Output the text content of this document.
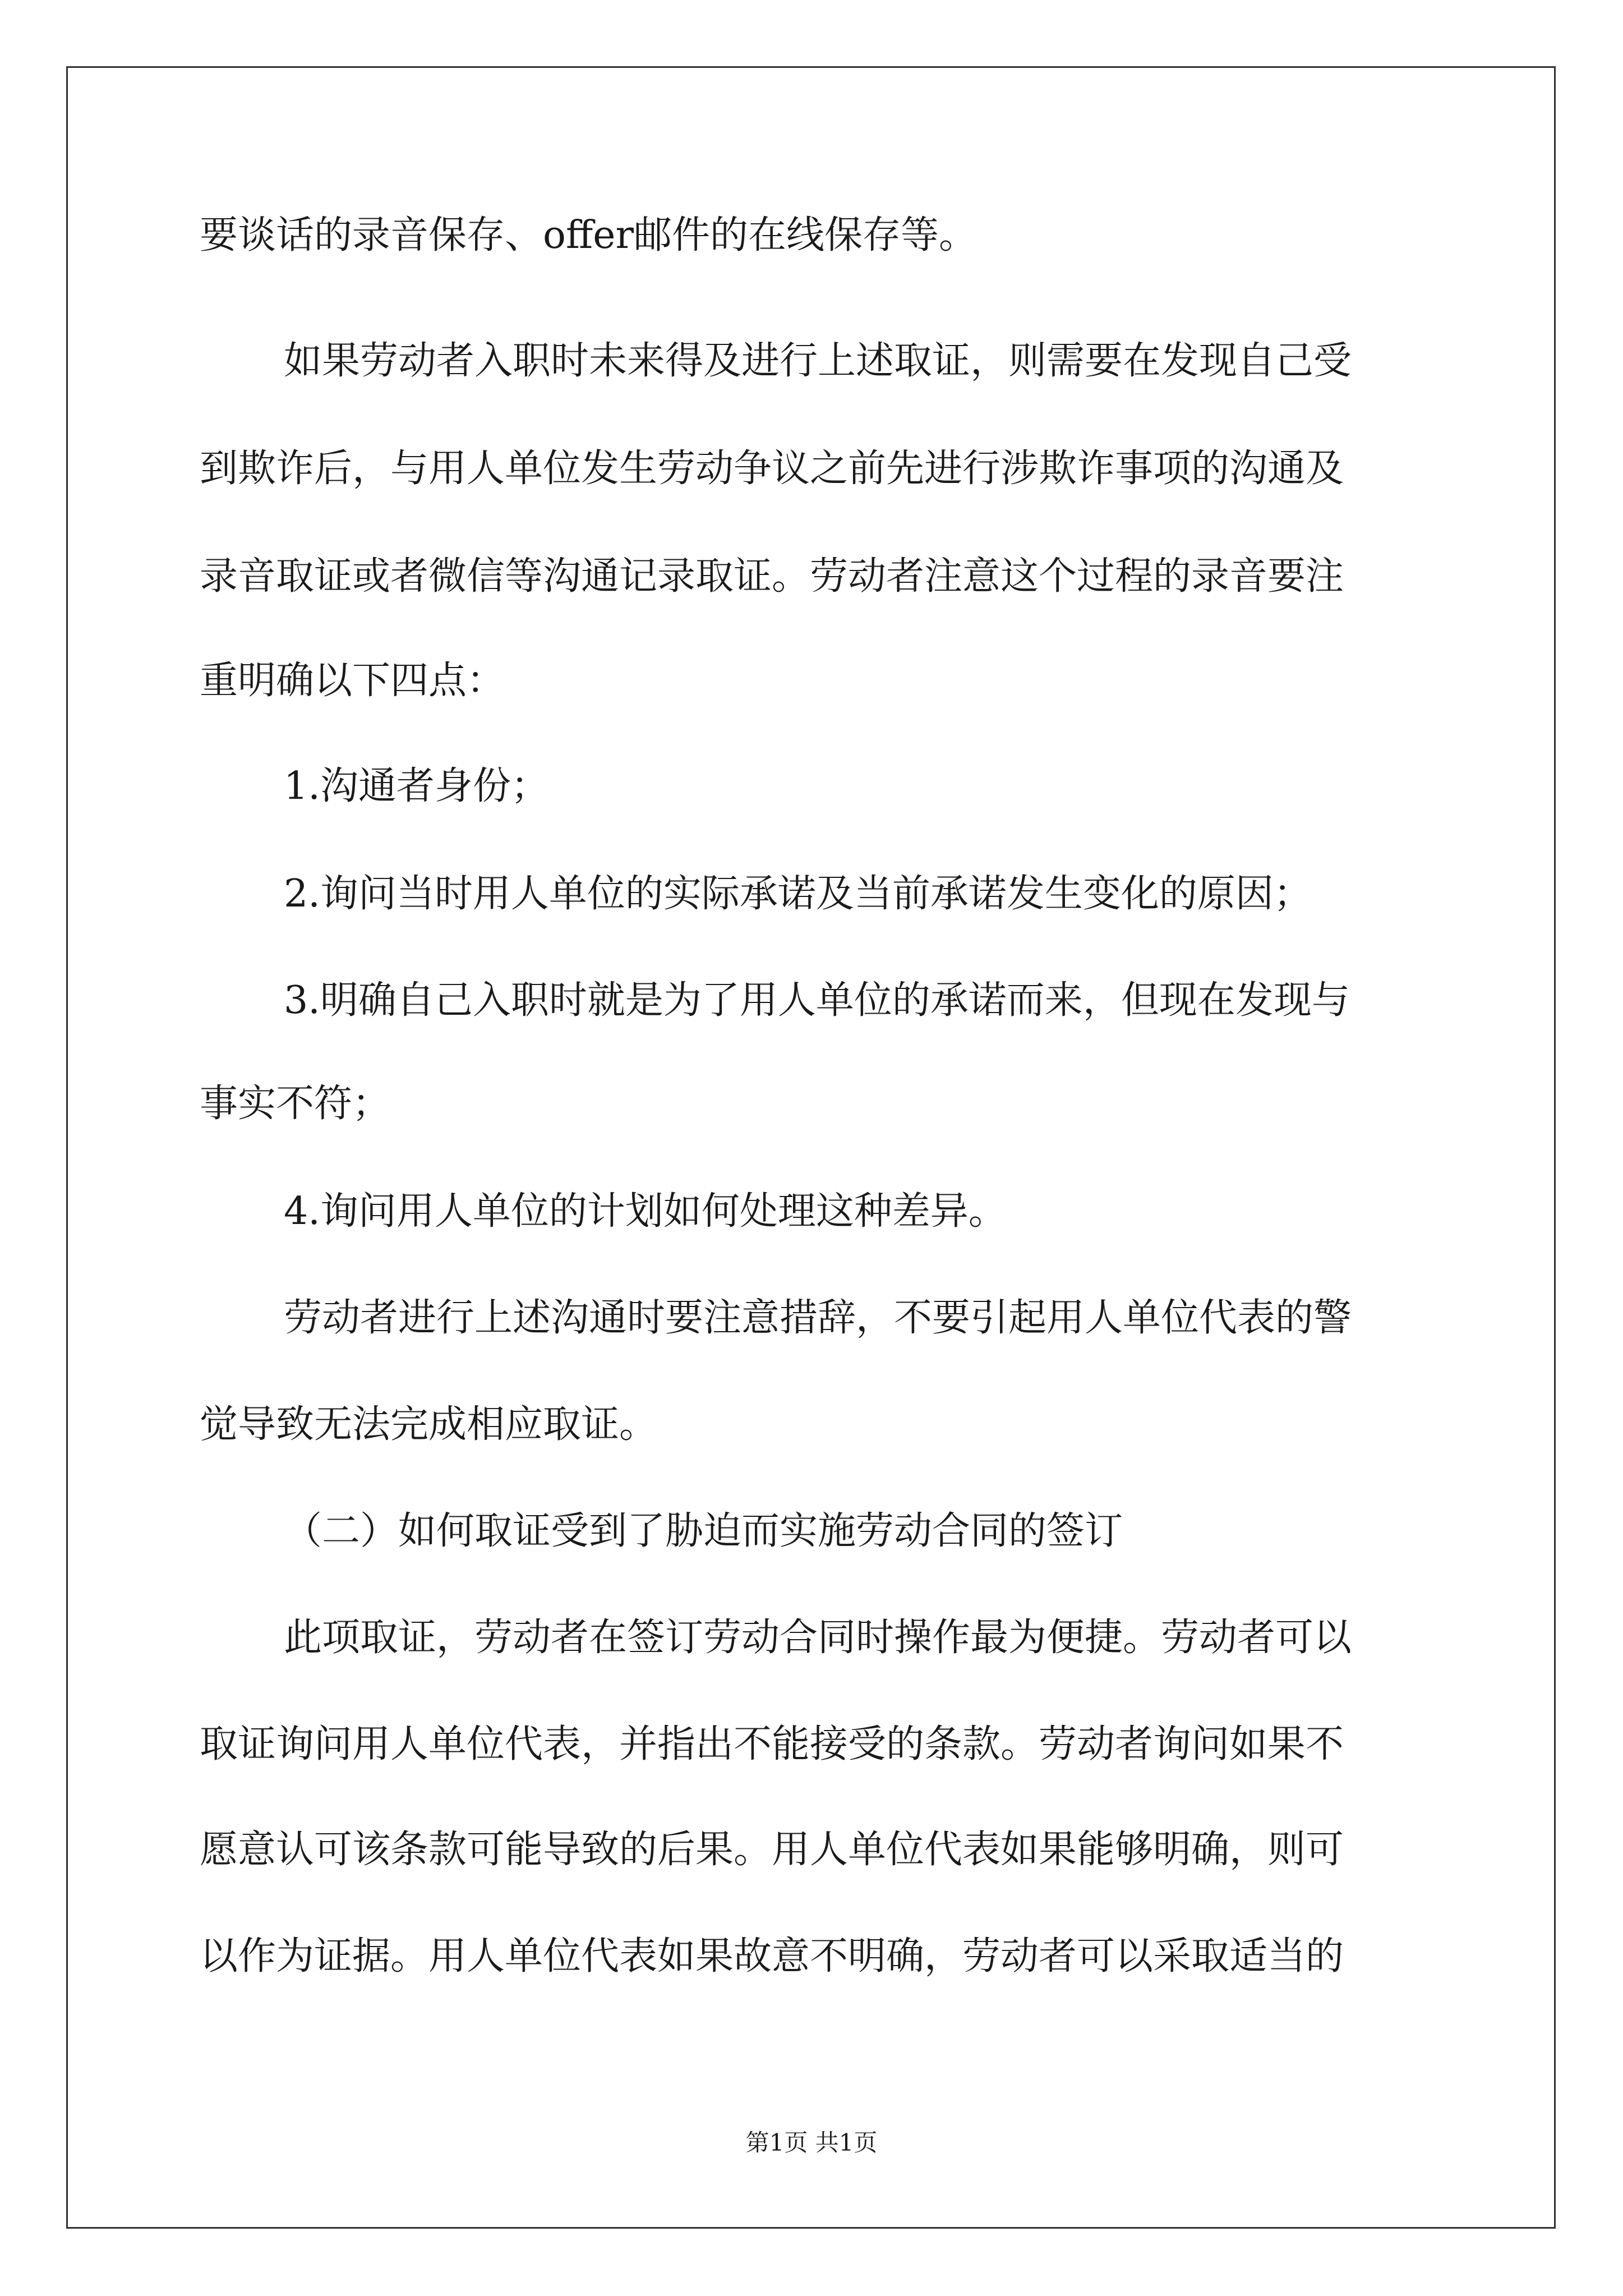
要谈话的录音保存、offer邮件的在线保存等。

如果劳动者入职时未来得及进行上述取证，则需要在发现自己受

到欺诈后，与用人单位发生劳动争议之前先进行涉欺诈事项的沟通及

录音取证或者微信等沟通记录取证。劳动者注意这个过程的录音要注

重明确以下四点：

1.沟通者身份；

2.询问当时用人单位的实际承诺及当前承诺发生变化的原因；

3.明确自己入职时就是为了用人单位的承诺而来，但现在发现与

事实不符；

4.询问用人单位的计划如何处理这种差异。

劳动者进行上述沟通时要注意措辞，不要引起用人单位代表的警

觉导致无法完成相应取证。

（二）如何取证受到了胁迫而实施劳动合同的签订

此项取证，劳动者在签订劳动合同时操作最为便捷。劳动者可以

取证询问用人单位代表，并指出不能接受的条款。劳动者询问如果不

愿意认可该条款可能导致的后果。用人单位代表如果能够明确，则可

以作为证据。用人单位代表如果故意不明确，劳动者可以采取适当的

第1页 共1页
